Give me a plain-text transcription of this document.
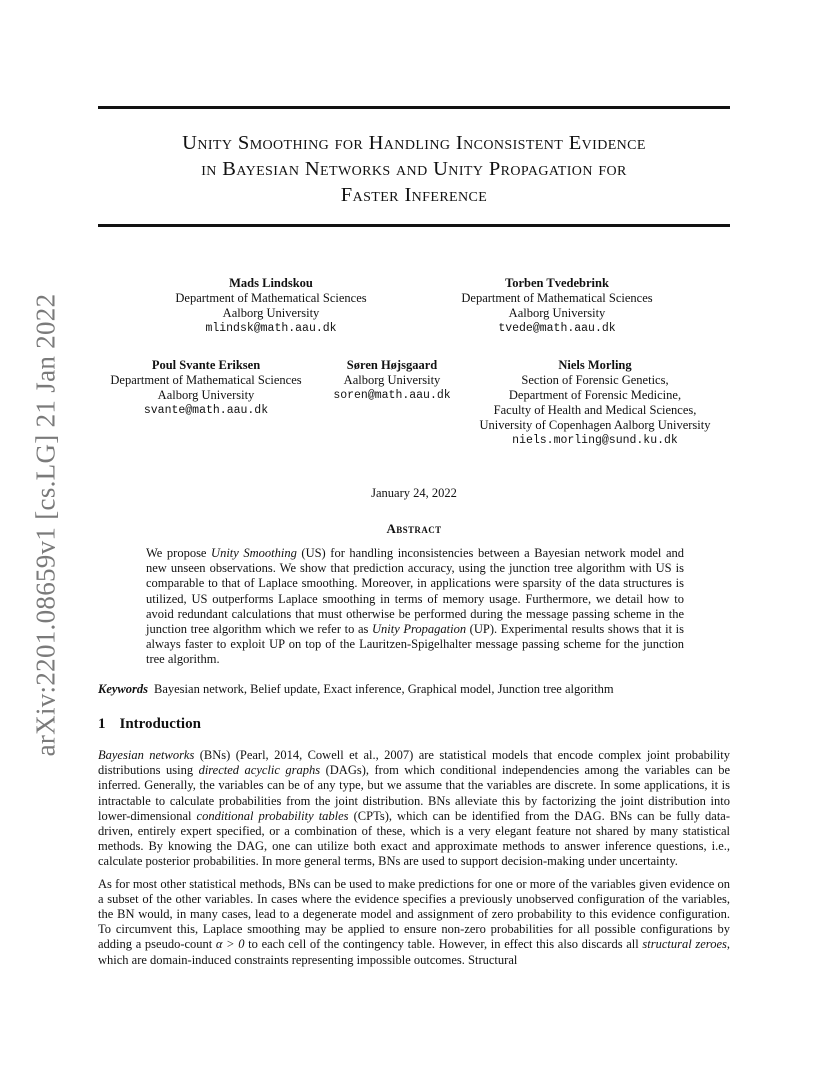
Unity Smoothing for Handling Inconsistent Evidence
in Bayesian Networks and Unity Propagation for
Faster Inference
arXiv:2201.08659v1 [cs.LG] 21 Jan 2022
Mads Lindskou
Department of Mathematical Sciences
Aalborg University
mlindsk@math.aau.dk
Torben Tvedebrink
Department of Mathematical Sciences
Aalborg University
tvede@math.aau.dk
Poul Svante Eriksen
Department of Mathematical Sciences
Aalborg University
svante@math.aau.dk
Søren Højsgaard
Aalborg University
soren@math.aau.dk
Niels Morling
Section of Forensic Genetics,
Department of Forensic Medicine,
Faculty of Health and Medical Sciences,
University of Copenhagen Aalborg University
niels.morling@sund.ku.dk
January 24, 2022
Abstract

We propose Unity Smoothing (US) for handling inconsistencies between a Bayesian network model and new unseen observations. We show that prediction accuracy, using the junction tree algorithm with US is comparable to that of Laplace smoothing. Moreover, in applications were sparsity of the data structures is utilized, US outperforms Laplace smoothing in terms of memory usage. Furthermore, we detail how to avoid redundant calculations that must otherwise be performed during the message passing scheme in the junction tree algorithm which we refer to as Unity Propagation (UP). Experimental results shows that it is always faster to exploit UP on top of the Lauritzen-Spigelhalter message passing scheme for the junction tree algorithm.

Keywords Bayesian network, Belief update, Exact inference, Graphical model, Junction tree algorithm
1 Introduction

Bayesian networks (BNs) (Pearl, 2014, Cowell et al., 2007) are statistical models that encode complex joint probability distributions using directed acyclic graphs (DAGs), from which conditional independencies among the variables can be inferred. Generally, the variables can be of any type, but we assume that the variables are discrete. In some applications, it is intractable to calculate probabilities from the joint distribution. BNs alleviate this by factorizing the joint distribution into lower-dimensional conditional probability tables (CPTs), which can be identified from the DAG. BNs can be fully data-driven, entirely expert specified, or a combination of these, which is a very elegant feature not shared by many statistical methods. By knowing the DAG, one can utilize both exact and approximate methods to answer inference questions, i.e., calculate posterior probabilities. In more general terms, BNs are used to support decision-making under uncertainty.

As for most other statistical methods, BNs can be used to make predictions for one or more of the variables given evidence on a subset of the other variables. In cases where the evidence specifies a previously unobserved configuration of the variables, the BN would, in many cases, lead to a degenerate model and assignment of zero probability to this evidence configuration. To circumvent this, Laplace smoothing may be applied to ensure non-zero probabilities for all possible configurations by adding a pseudo-count α > 0 to each cell of the contingency table. However, in effect this also discards all structural zeroes, which are domain-induced constraints representing impossible outcomes. Structural
